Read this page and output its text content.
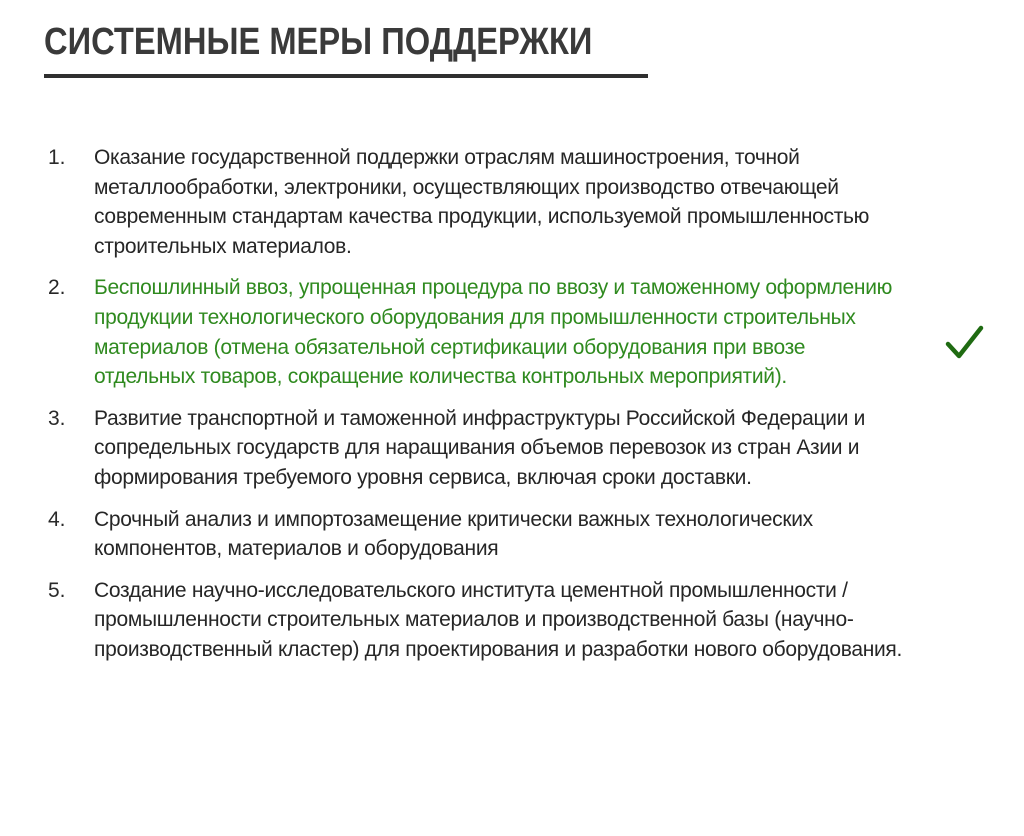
СИСТЕМНЫЕ МЕРЫ ПОДДЕРЖКИ
1.	Оказание государственной поддержки отраслям машиностроения, точной металлообработки, электроники, осуществляющих производство отвечающей современным стандартам качества продукции, используемой промышленностью строительных материалов.
2.	Беспошлинный ввоз, упрощенная процедура по ввозу и таможенному оформлению продукции технологического оборудования для промышленности строительных материалов (отмена обязательной сертификации оборудования при ввозе отдельных товаров, сокращение количества контрольных мероприятий).
3.	Развитие транспортной и таможенной инфраструктуры Российской Федерации и сопредельных государств для наращивания объемов перевозок из стран Азии и формирования требуемого уровня сервиса, включая сроки доставки.
4.	Срочный анализ и импортозамещение критически важных технологических компонентов, материалов и оборудования
5.	Создание научно-исследовательского института цементной промышленности / промышленности строительных материалов и производственной базы (научно-производственный кластер) для проектирования и разработки нового оборудования.
